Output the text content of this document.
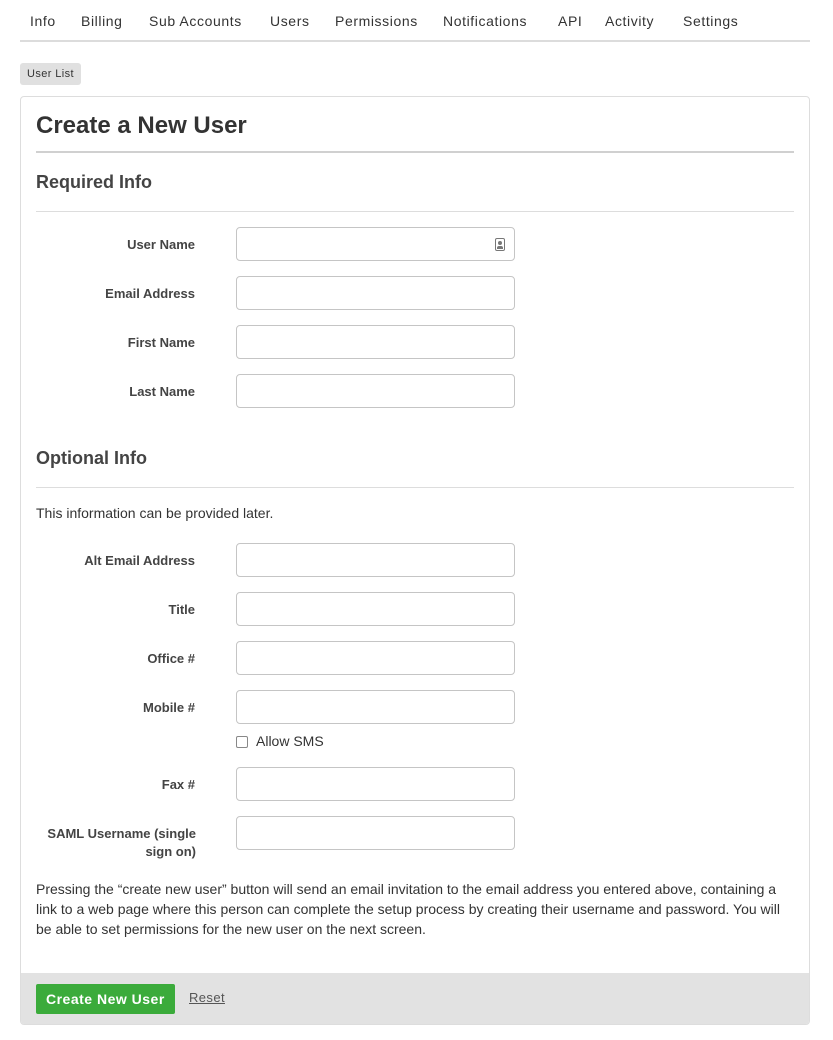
Info Billing Sub Accounts Users Permissions Notifications API Activity Settings
User List
Create a New User
Required Info
User Name
Email Address
First Name
Last Name
Optional Info

This information can be provided later.

Alt Email Address
Title
Office #
Mobile #
Allow SMS
Fax #
SAML Username (single sign on)

Pressing the “create new user” button will send an email invitation to the email address you entered above, containing a link to a web page where this person can complete the setup process by creating their username and password. You will be able to set permissions for the new user on the next screen.

Create New User	Reset
